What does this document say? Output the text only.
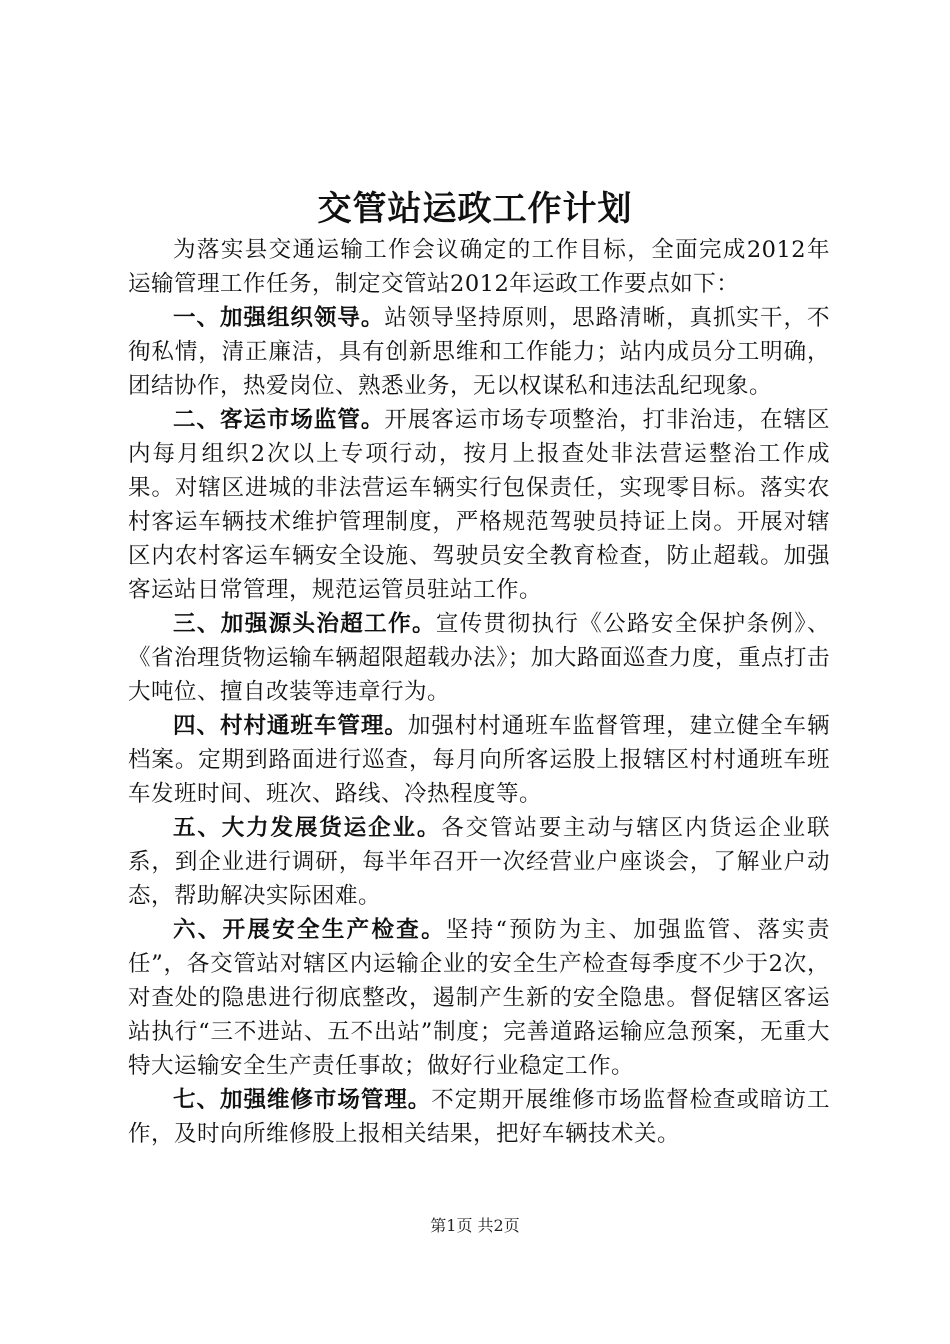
交管站运政工作计划

为落实县交通运输工作会议确定的工作目标，全面完成2012年运输管理工作任务，制定交管站2012年运政工作要点如下：

一、加强组织领导。站领导坚持原则，思路清晰，真抓实干，不徇私情，清正廉洁，具有创新思维和工作能力；站内成员分工明确，团结协作，热爱岗位、熟悉业务，无以权谋私和违法乱纪现象。

二、客运市场监管。开展客运市场专项整治，打非治违，在辖区内每月组织2次以上专项行动，按月上报查处非法营运整治工作成果。对辖区进城的非法营运车辆实行包保责任，实现零目标。落实农村客运车辆技术维护管理制度，严格规范驾驶员持证上岗。开展对辖区内农村客运车辆安全设施、驾驶员安全教育检查，防止超载。加强客运站日常管理，规范运管员驻站工作。

三、加强源头治超工作。宣传贯彻执行《公路安全保护条例》、《省治理货物运输车辆超限超载办法》；加大路面巡查力度，重点打击大吨位、擅自改装等违章行为。

四、村村通班车管理。加强村村通班车监督管理，建立健全车辆档案。定期到路面进行巡查，每月向所客运股上报辖区村村通班车班车发班时间、班次、路线、冷热程度等。

五、大力发展货运企业。各交管站要主动与辖区内货运企业联系，到企业进行调研，每半年召开一次经营业户座谈会，了解业户动态，帮助解决实际困难。

六、开展安全生产检查。坚持“预防为主、加强监管、落实责任”，各交管站对辖区内运输企业的安全生产检查每季度不少于2次，对查处的隐患进行彻底整改，遏制产生新的安全隐患。督促辖区客运站执行“三不进站、五不出站”制度；完善道路运输应急预案，无重大特大运输安全生产责任事故；做好行业稳定工作。

七、加强维修市场管理。不定期开展维修市场监督检查或暗访工作，及时向所维修股上报相关结果，把好车辆技术关。

第1页 共2页
